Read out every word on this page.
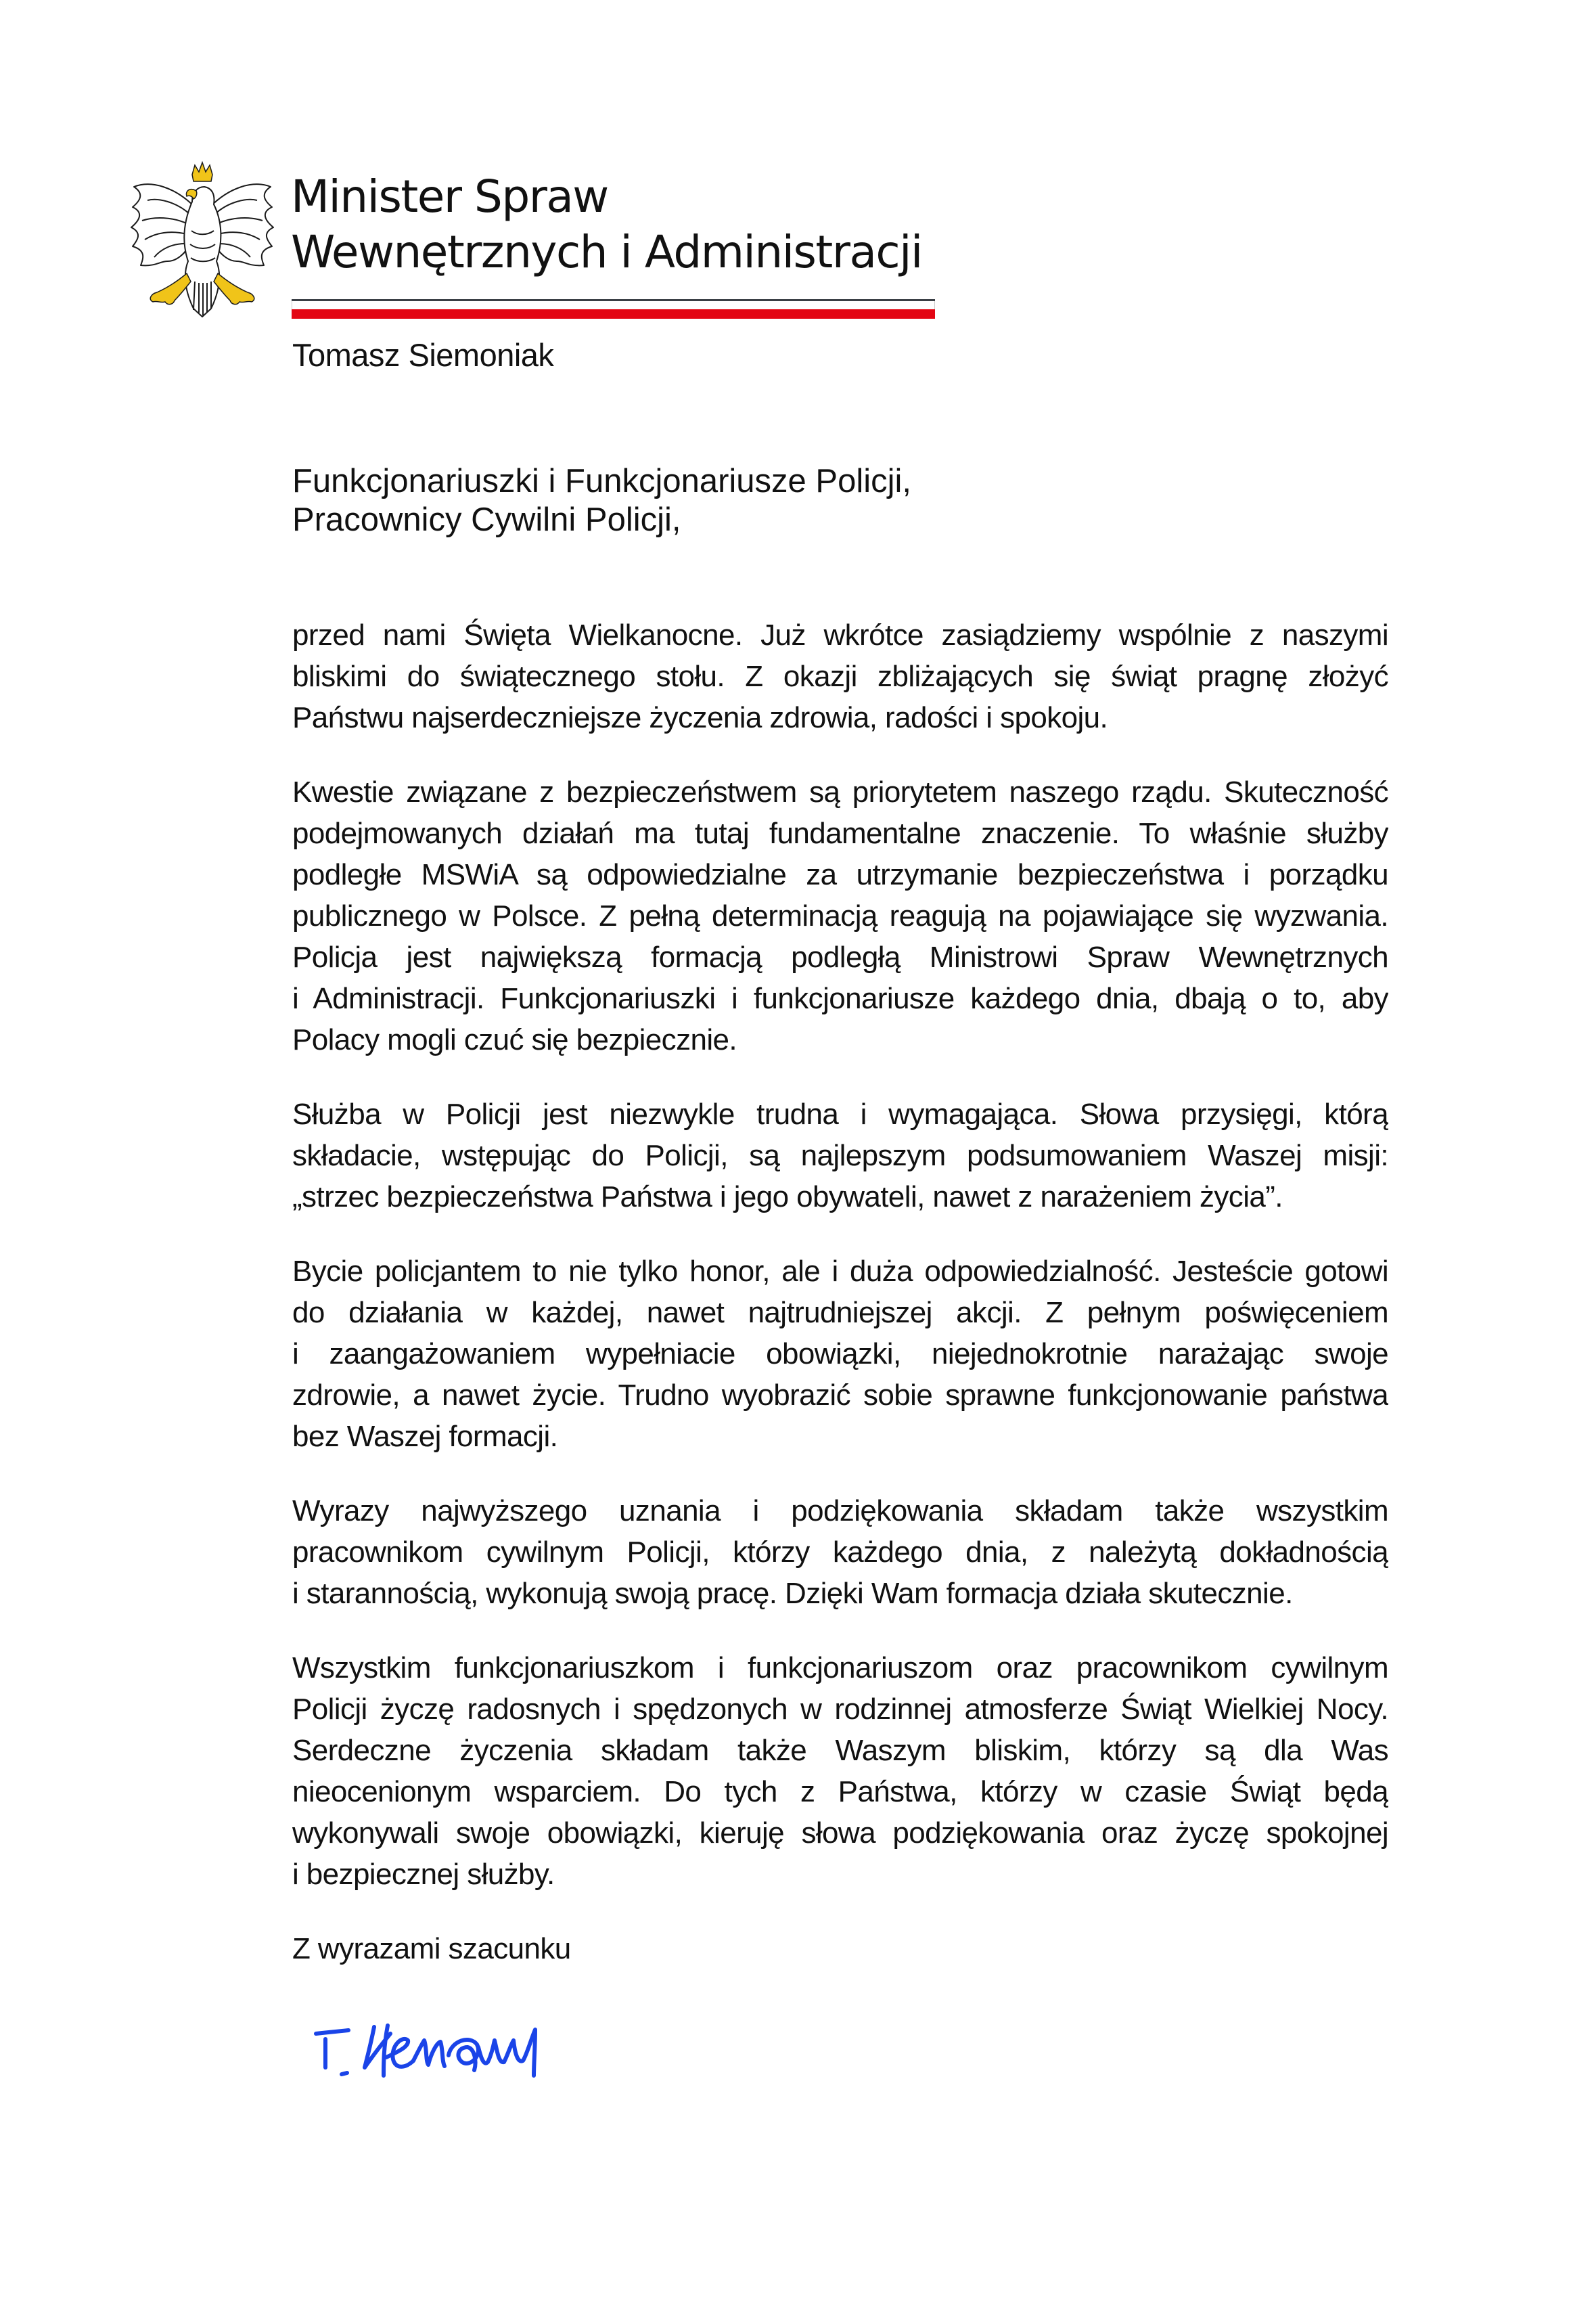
Minister Spraw
Wewnętrznych i Administracji

Tomasz Siemoniak

Funkcjonariuszki i Funkcjonariusze Policji,
Pracownicy Cywilni Policji,

przed nami Święta Wielkanocne. Już wkrótce zasiądziemy wspólnie z naszymi
bliskimi do świątecznego stołu. Z okazji zbliżających się świąt pragnę złożyć
Państwu najserdeczniejsze życzenia zdrowia, radości i spokoju.

Kwestie związane z bezpieczeństwem są priorytetem naszego rządu. Skuteczność
podejmowanych działań ma tutaj fundamentalne znaczenie. To właśnie służby
podległe MSWiA są odpowiedzialne za utrzymanie bezpieczeństwa i porządku
publicznego w Polsce. Z pełną determinacją reagują na pojawiające się wyzwania.
Policja jest największą formacją podległą Ministrowi Spraw Wewnętrznych
i Administracji. Funkcjonariuszki i funkcjonariusze każdego dnia, dbają o to, aby
Polacy mogli czuć się bezpiecznie.

Służba w Policji jest niezwykle trudna i wymagająca. Słowa przysięgi, którą
składacie, wstępując do Policji, są najlepszym podsumowaniem Waszej misji:
„strzec bezpieczeństwa Państwa i jego obywateli, nawet z narażeniem życia”.

Bycie policjantem to nie tylko honor, ale i duża odpowiedzialność. Jesteście gotowi
do działania w każdej, nawet najtrudniejszej akcji. Z pełnym poświęceniem
i zaangażowaniem wypełniacie obowiązki, niejednokrotnie narażając swoje
zdrowie, a nawet życie. Trudno wyobrazić sobie sprawne funkcjonowanie państwa
bez Waszej formacji.

Wyrazy najwyższego uznania i podziękowania składam także wszystkim
pracownikom cywilnym Policji, którzy każdego dnia, z należytą dokładnością
i starannością, wykonują swoją pracę. Dzięki Wam formacja działa skutecznie.

Wszystkim funkcjonariuszkom i funkcjonariuszom oraz pracownikom cywilnym
Policji życzę radosnych i spędzonych w rodzinnej atmosferze Świąt Wielkiej Nocy.
Serdeczne życzenia składam także Waszym bliskim, którzy są dla Was
nieocenionym wsparciem. Do tych z Państwa, którzy w czasie Świąt będą
wykonywali swoje obowiązki, kieruję słowa podziękowania oraz życzę spokojnej
i bezpiecznej służby.

Z wyrazami szacunku
